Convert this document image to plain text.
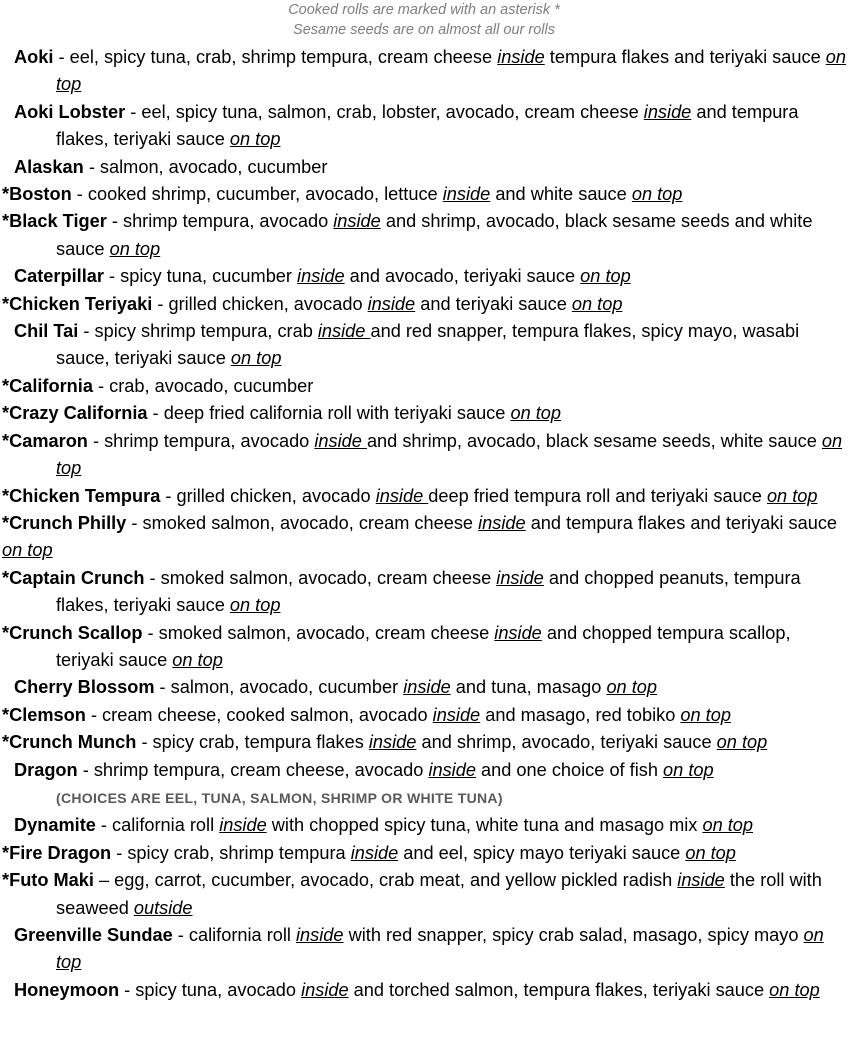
Cooked rolls are marked with an asterisk *
Sesame seeds are on almost all our rolls
Aoki - eel, spicy tuna, crab, shrimp tempura, cream cheese inside tempura flakes and teriyaki sauce on top
Aoki Lobster - eel, spicy tuna, salmon, crab, lobster, avocado, cream cheese inside and tempura flakes, teriyaki sauce on top
Alaskan - salmon, avocado, cucumber
*Boston - cooked shrimp, cucumber, avocado, lettuce inside and white sauce on top
*Black Tiger - shrimp tempura, avocado inside and shrimp, avocado, black sesame seeds and white sauce on top
Caterpillar - spicy tuna, cucumber inside and avocado, teriyaki sauce on top
*Chicken Teriyaki - grilled chicken, avocado inside and teriyaki sauce on top
Chil Tai - spicy shrimp tempura, crab inside and red snapper, tempura flakes, spicy mayo, wasabi sauce, teriyaki sauce on top
*California - crab, avocado, cucumber
*Crazy California - deep fried california roll with teriyaki sauce on top
*Camaron - shrimp tempura, avocado inside and shrimp, avocado, black sesame seeds, white sauce on top
*Chicken Tempura - grilled chicken, avocado inside deep fried tempura roll and teriyaki sauce on top
*Crunch Philly - smoked salmon, avocado, cream cheese inside and tempura flakes and teriyaki sauce on top
*Captain Crunch - smoked salmon, avocado, cream cheese inside and chopped peanuts, tempura flakes, teriyaki sauce on top
*Crunch Scallop - smoked salmon, avocado, cream cheese inside and chopped tempura scallop, teriyaki sauce on top
Cherry Blossom - salmon, avocado, cucumber inside and tuna, masago on top
*Clemson - cream cheese, cooked salmon, avocado inside and masago, red tobiko on top
*Crunch Munch - spicy crab, tempura flakes inside and shrimp, avocado, teriyaki sauce on top
Dragon - shrimp tempura, cream cheese, avocado inside and one choice of fish on top
(CHOICES ARE EEL, TUNA, SALMON, SHRIMP OR WHITE TUNA)
Dynamite - california roll inside with chopped spicy tuna, white tuna and masago mix on top
*Fire Dragon - spicy crab, shrimp tempura inside and eel, spicy mayo teriyaki sauce on top
*Futo Maki – egg, carrot, cucumber, avocado, crab meat, and yellow pickled radish inside the roll with seaweed outside
Greenville Sundae - california roll inside with red snapper, spicy crab salad, masago, spicy mayo on top
Honeymoon - spicy tuna, avocado inside and torched salmon, tempura flakes, teriyaki sauce on top
